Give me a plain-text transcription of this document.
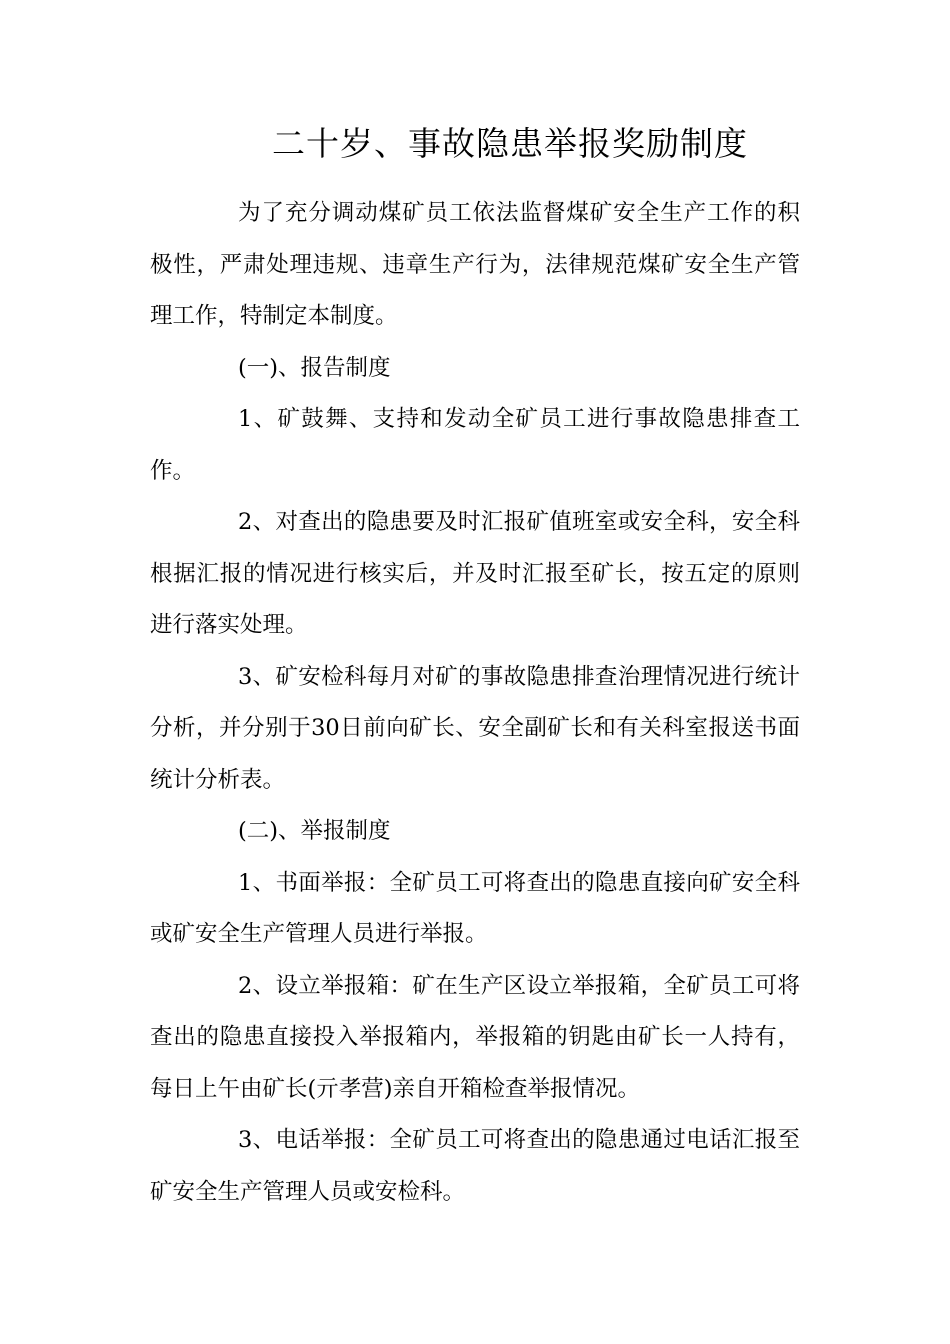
二十岁、事故隐患举报奖励制度

为了充分调动煤矿员工依法监督煤矿安全生产工作的积极性，严肃处理违规、违章生产行为，法律规范煤矿安全生产管理工作，特制定本制度。

(一)、报告制度

1、矿鼓舞、支持和发动全矿员工进行事故隐患排查工作。

2、对查出的隐患要及时汇报矿值班室或安全科，安全科根据汇报的情况进行核实后，并及时汇报至矿长，按五定的原则进行落实处理。

3、矿安检科每月对矿的事故隐患排查治理情况进行统计分析，并分别于30日前向矿长、安全副矿长和有关科室报送书面统计分析表。

(二)、举报制度

1、书面举报：全矿员工可将查出的隐患直接向矿安全科或矿安全生产管理人员进行举报。

2、设立举报箱：矿在生产区设立举报箱，全矿员工可将查出的隐患直接投入举报箱内，举报箱的钥匙由矿长一人持有，每日上午由矿长(亓孝营)亲自开箱检查举报情况。

3、电话举报：全矿员工可将查出的隐患通过电话汇报至矿安全生产管理人员或安检科。
